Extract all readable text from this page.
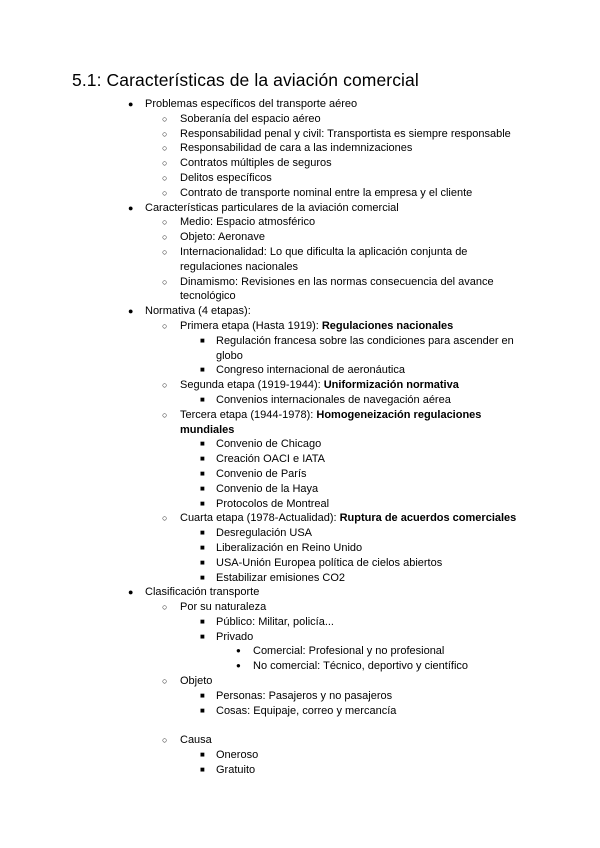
5.1: Características de la aviación comercial
● Problemas específicos del transporte aéreo
○ Soberanía del espacio aéreo
○ Responsabilidad penal y civil: Transportista es siempre responsable
○ Responsabilidad de cara a las indemnizaciones
○ Contratos múltiples de seguros
○ Delitos específicos
○ Contrato de transporte nominal entre la empresa y el cliente
● Características particulares de la aviación comercial
○ Medio: Espacio atmosférico
○ Objeto: Aeronave
○ Internacionalidad: Lo que dificulta la aplicación conjunta de regulaciones nacionales
○ Dinamismo: Revisiones en las normas consecuencia del avance tecnológico
● Normativa (4 etapas):
○ Primera etapa (Hasta 1919): Regulaciones nacionales
■ Regulación francesa sobre las condiciones para ascender en globo
■ Congreso internacional de aeronáutica
○ Segunda etapa (1919-1944): Uniformización normativa
■ Convenios internacionales de navegación aérea
○ Tercera etapa (1944-1978): Homogeneización regulaciones mundiales
■ Convenio de Chicago
■ Creación OACI e IATA
■ Convenio de París
■ Convenio de la Haya
■ Protocolos de Montreal
○ Cuarta etapa (1978-Actualidad): Ruptura de acuerdos comerciales
■ Desregulación USA
■ Liberalización en Reino Unido
■ USA-Unión Europea política de cielos abiertos
■ Estabilizar emisiones CO2
● Clasificación transporte
○ Por su naturaleza
■ Público: Militar, policía...
■ Privado
● Comercial: Profesional y no profesional
● No comercial: Técnico, deportivo y científico
○ Objeto
■ Personas: Pasajeros y no pasajeros
■ Cosas: Equipaje, correo y mercancía
○ Causa
■ Oneroso
■ Gratuito
